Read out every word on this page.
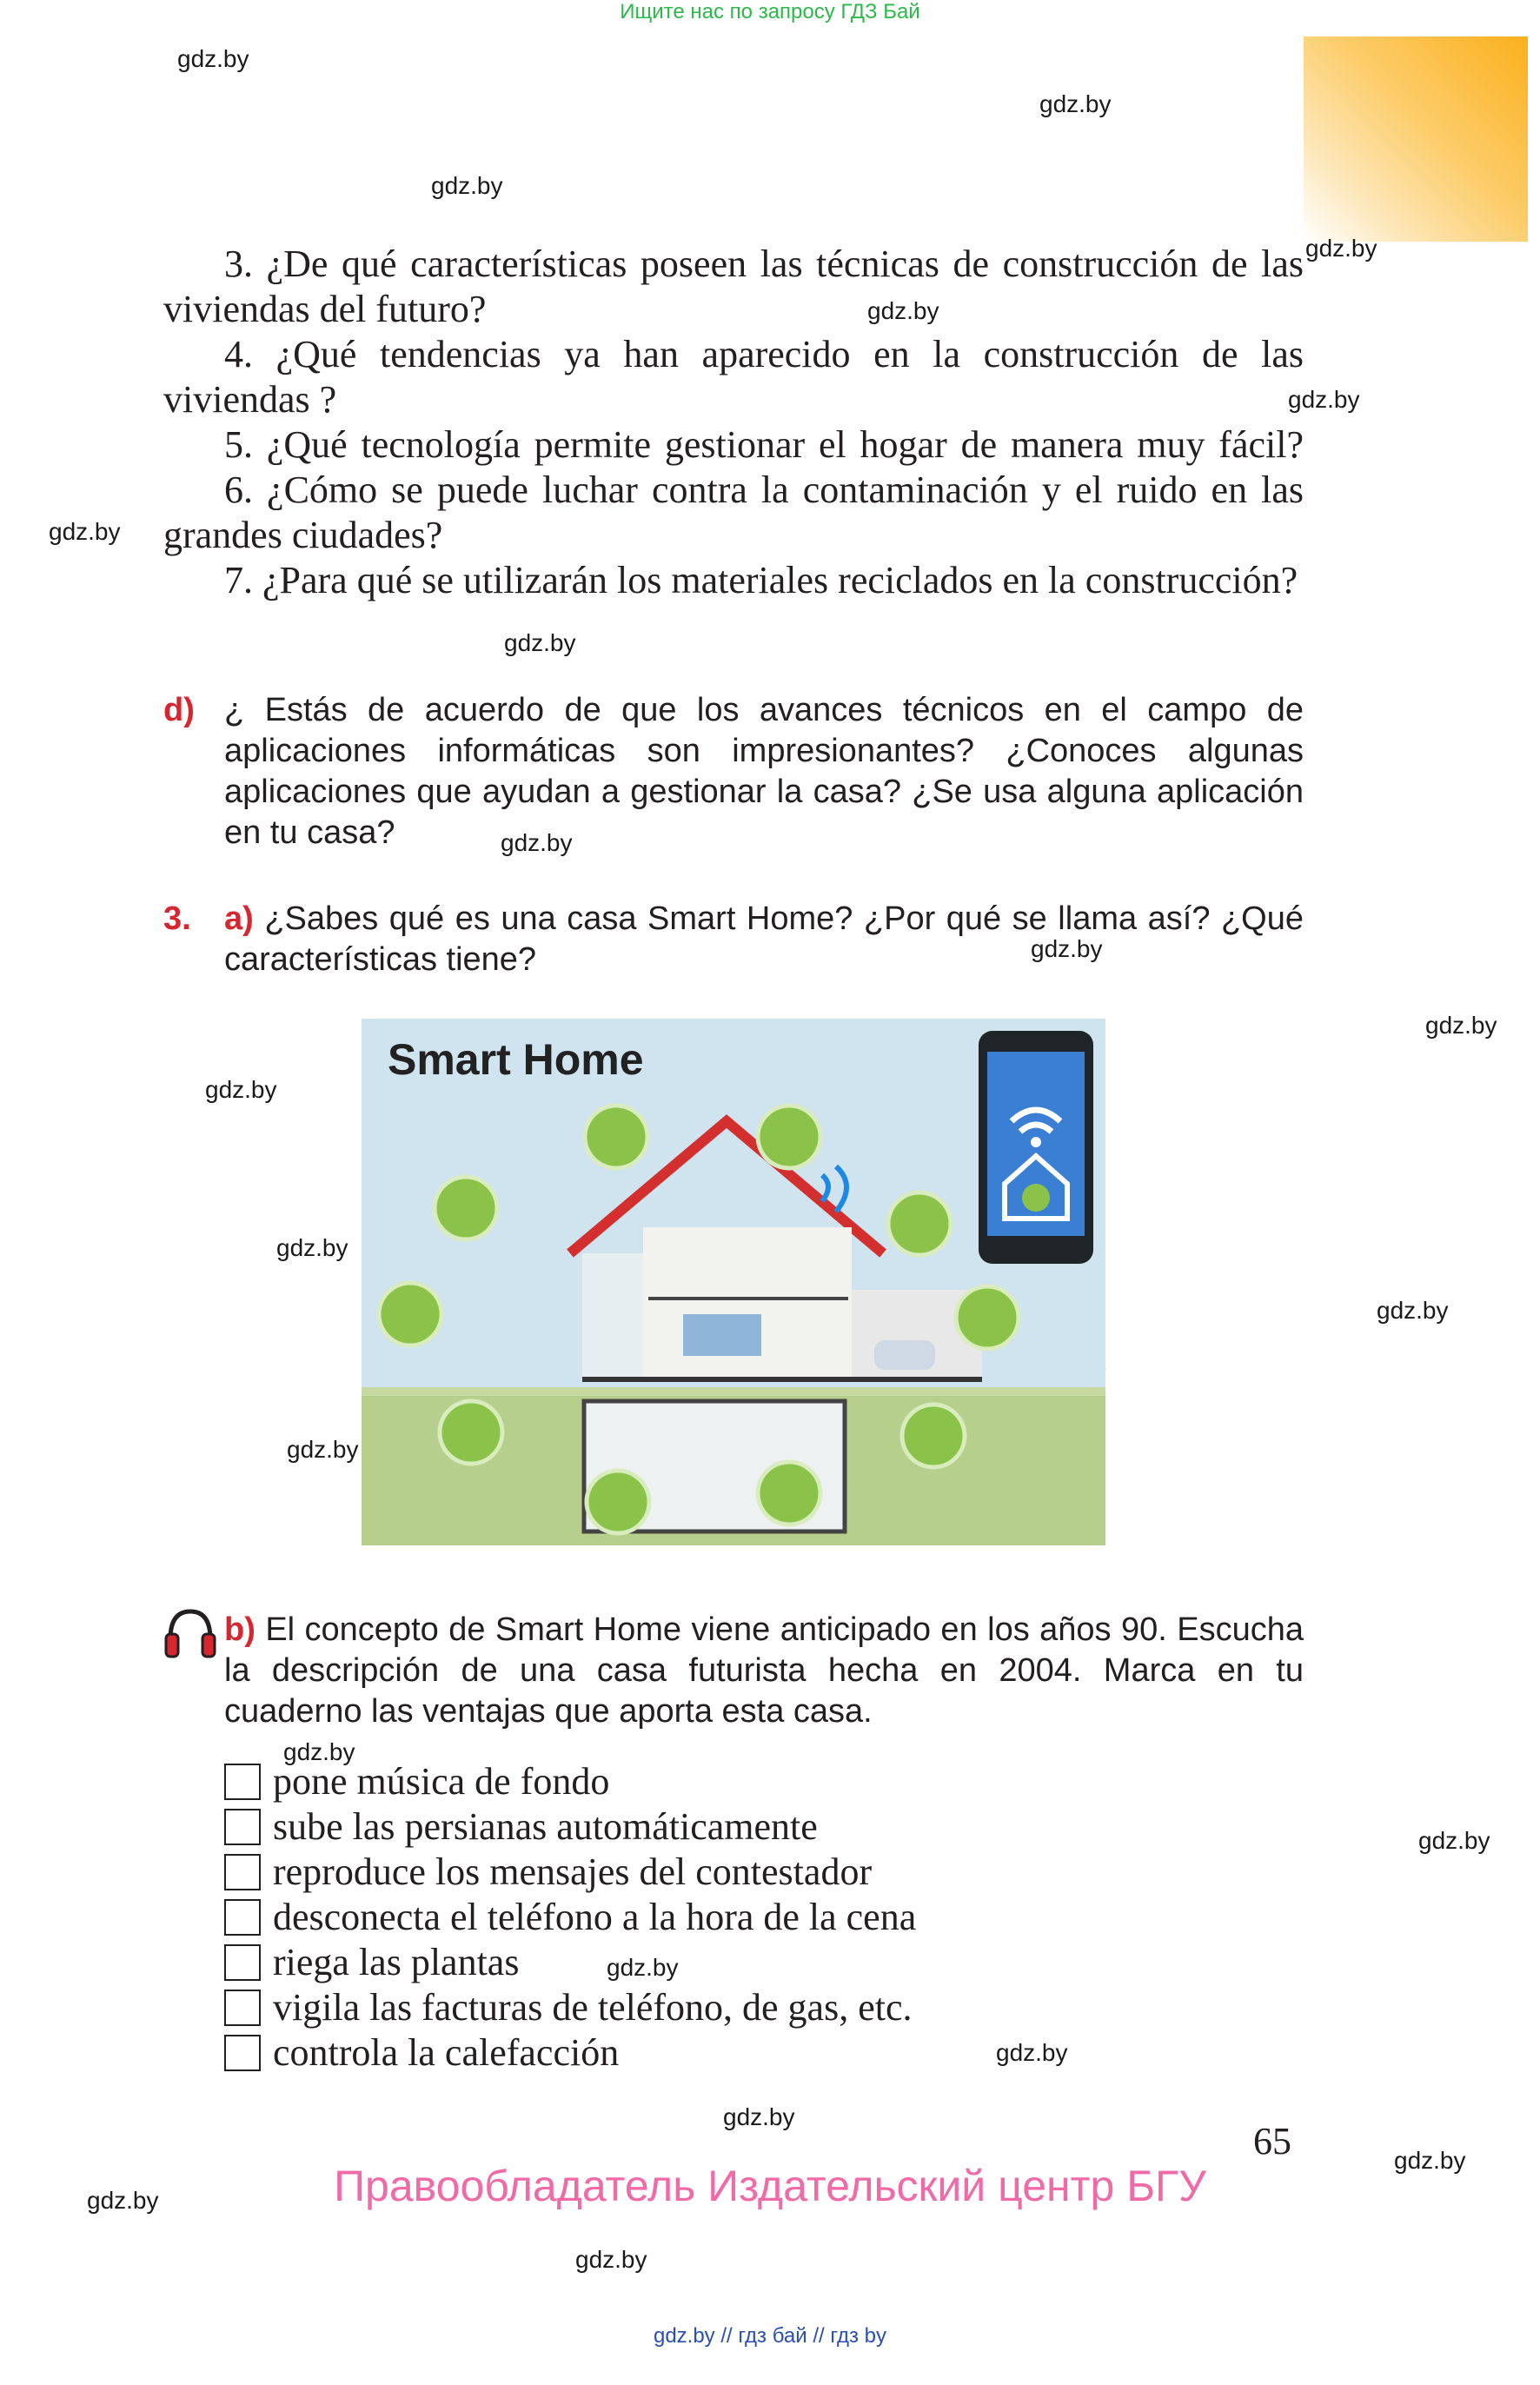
Ищите нас по запросу ГДЗ Бай
gdz.by
gdz.by
gdz.by
gdz.by
gdz.by
gdz.by
gdz.by
gdz.by
gdz.by
gdz.by
gdz.by
gdz.by
gdz.by
gdz.by
gdz.by
gdz.by
gdz.by
gdz.by
gdz.by
gdz.by
gdz.by
gdz.by
gdz.by

3. ¿De qué características poseen las técnicas de construcción de las viviendas del futuro?

4. ¿Qué tendencias ya han aparecido en la construcción de las viviendas ?

5. ¿Qué tecnología permite gestionar el hogar de manera muy fácil?

6. ¿Cómo se puede luchar contra la contaminación y el ruido en las grandes ciudades?

7. ¿Para qué se utilizarán los materiales reciclados en la construcción?

d) ¿ Estás de acuerdo de que los avances técnicos en el campo de aplicaciones informáticas son impresionantes? ¿Conoces algunas aplicaciones que ayudan a gestionar la casa? ¿Se usa alguna aplicación en tu casa?

3. a) ¿Sabes qué es una casa Smart Home? ¿Por qué se llama así? ¿Qué características tiene?

Smart Home

b) El concepto de Smart Home viene anticipado en los años 90. Escucha la descripción de una casa futurista hecha en 2004. Marca en tu cuaderno las ventajas que aporta esta casa.

pone música de fondo
sube las persianas automáticamente
reproduce los mensajes del contestador
desconecta el teléfono a la hora de la cena
riega las plantas
vigila las facturas de teléfono, de gas, etc.
controla la calefacción
65
Правообладатель Издательский центр БГУ
gdz.by // гдз бай // гдз by
